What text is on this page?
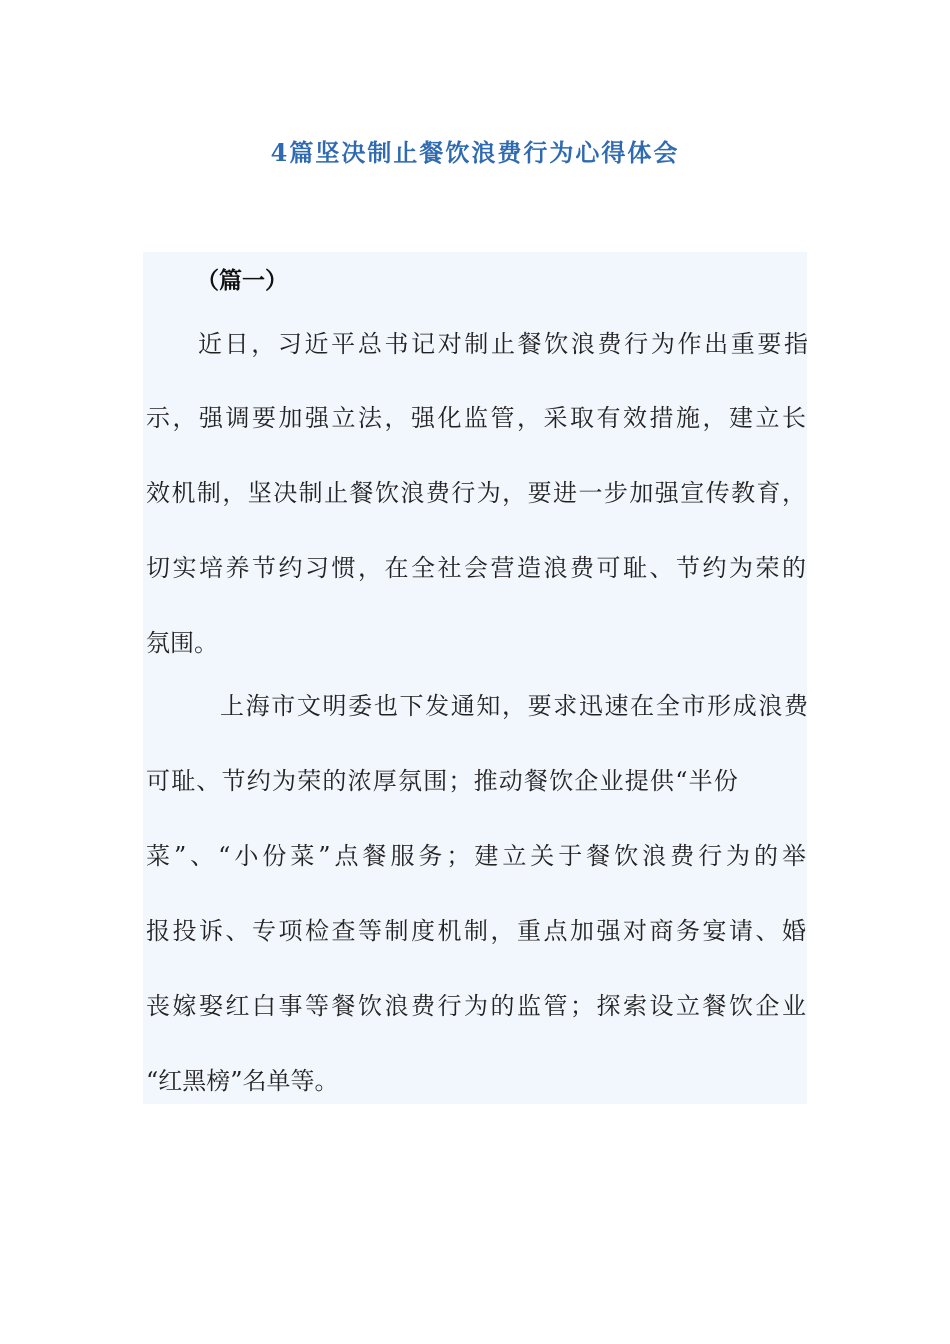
4篇坚决制止餐饮浪费行为心得体会
（篇一）
近日，习近平总书记对制止餐饮浪费行为作出重要指
示，强调要加强立法，强化监管，采取有效措施，建立长
效机制，坚决制止餐饮浪费行为，要进一步加强宣传教育，
切实培养节约习惯，在全社会营造浪费可耻、节约为荣的
氛围。
上海市文明委也下发通知，要求迅速在全市形成浪费
可耻、节约为荣的浓厚氛围；推动餐饮企业提供“半份
菜”、“小份菜”点餐服务；建立关于餐饮浪费行为的举
报投诉、专项检查等制度机制，重点加强对商务宴请、婚
丧嫁娶红白事等餐饮浪费行为的监管；探索设立餐饮企业
“红黑榜”名单等。
